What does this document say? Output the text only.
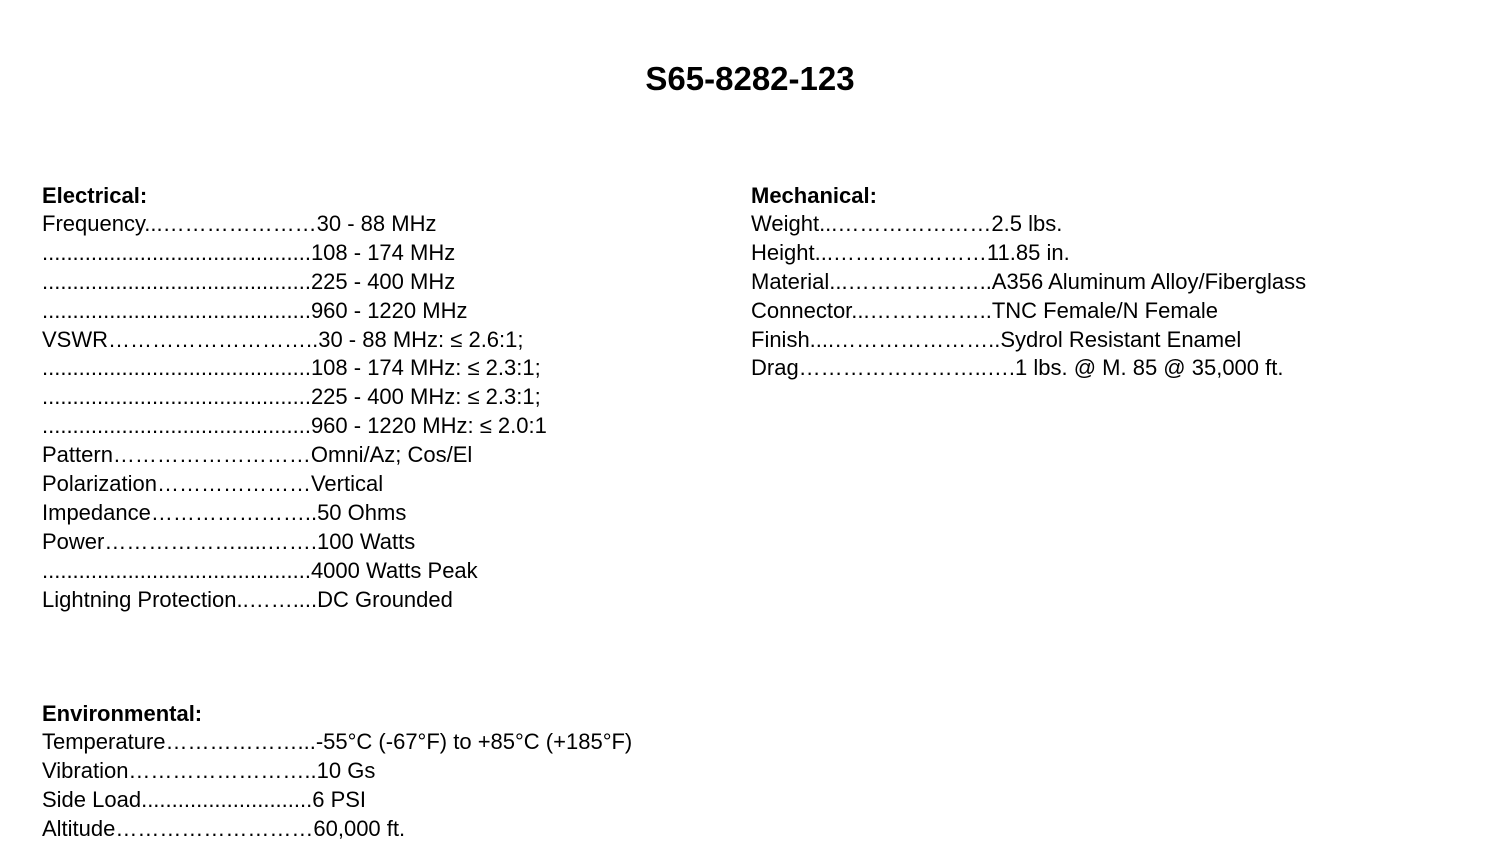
S65-8282-123
Electrical:
Frequency...…………………30 - 88 MHz
............................................108 - 174 MHz
............................................225 - 400 MHz
............................................960 - 1220 MHz
VSWR………………………..30 - 88 MHz: ≤ 2.6:1;
............................................108 - 174 MHz: ≤ 2.3:1;
............................................225 - 400 MHz: ≤ 2.3:1;
............................................960 - 1220 MHz: ≤ 2.0:1
Pattern………………………Omni/Az; Cos/El
Polarization…………………Vertical
Impedance…………………..50 Ohms
Power……………….....…….100 Watts
............................................4000 Watts Peak
Lightning Protection..……....DC Grounded
Mechanical:
Weight...…………………2.5 lbs.
Height...…………………11.85 in.
Material...………………..A356 Aluminum Alloy/Fiberglass
Connector...……………..TNC Female/N Female
Finish....…………………..Sydrol Resistant Enamel
Drag……………………..….1 lbs. @ M. 85 @ 35,000 ft.
Environmental:
Temperature………………...-55°C (-67°F) to +85°C (+185°F)
Vibration……………………..10 Gs
Side Load............................6 PSI
Altitude………………………60,000 ft.
